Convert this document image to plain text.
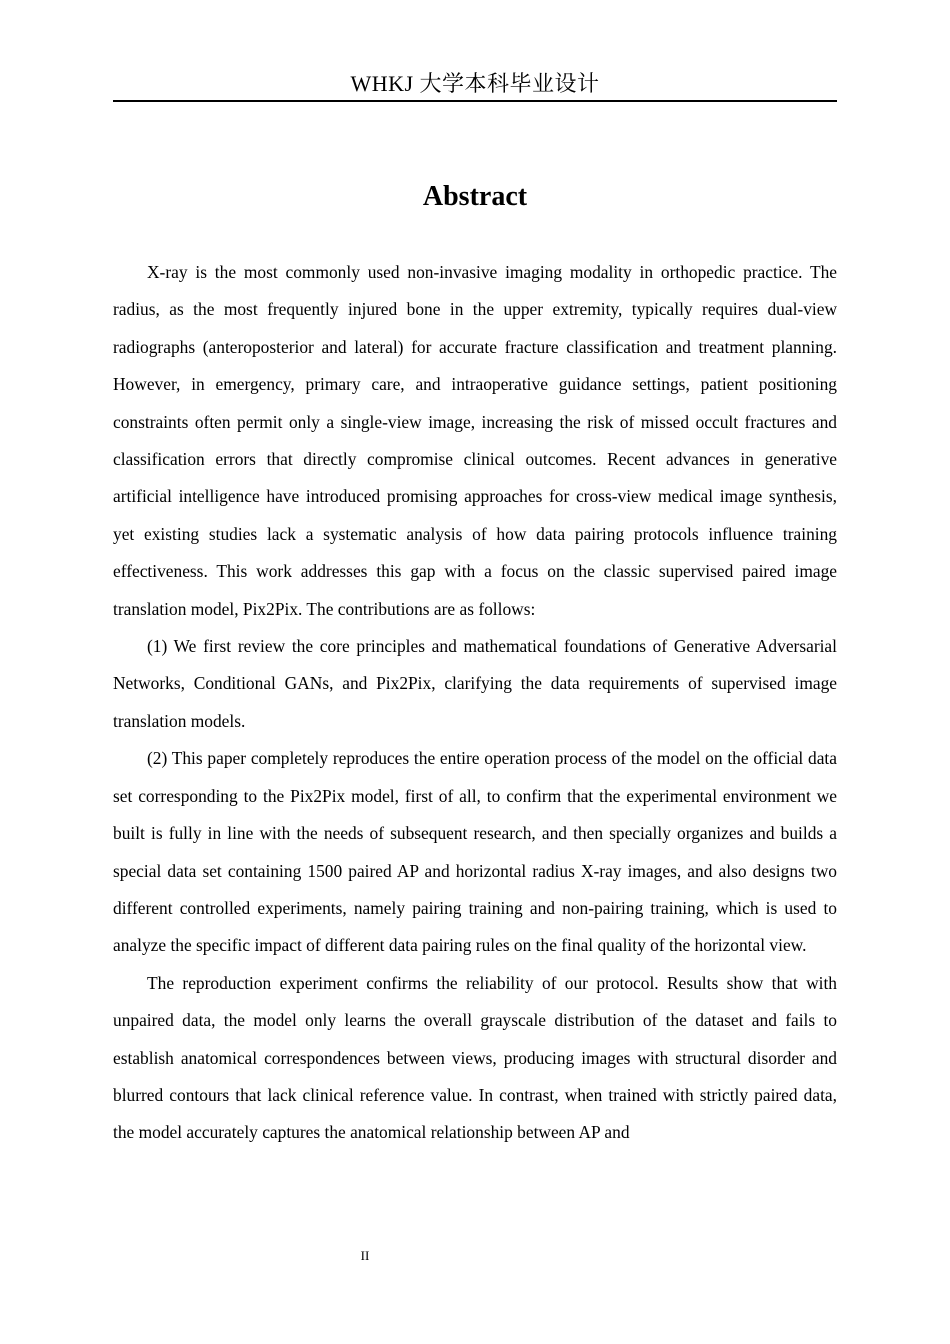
WHKJ 大学本科毕业设计
Abstract

X-ray is the most commonly used non-invasive imaging modality in orthopedic practice. The radius, as the most frequently injured bone in the upper extremity, typically requires dual-view radiographs (anteroposterior and lateral) for accurate fracture classification and treatment planning. However, in emergency, primary care, and intraoperative guidance settings, patient positioning constraints often permit only a single-view image, increasing the risk of missed occult fractures and classification errors that directly compromise clinical outcomes. Recent advances in generative artificial intelligence have introduced promising approaches for cross-view medical image synthesis, yet existing studies lack a systematic analysis of how data pairing protocols influence training effectiveness. This work addresses this gap with a focus on the classic supervised paired image translation model, Pix2Pix. The contributions are as follows:

(1) We first review the core principles and mathematical foundations of Generative Adversarial Networks, Conditional GANs, and Pix2Pix, clarifying the data requirements of supervised image translation models.

(2) This paper completely reproduces the entire operation process of the model on the official data set corresponding to the Pix2Pix model, first of all, to confirm that the experimental environment we built is fully in line with the needs of subsequent research, and then specially organizes and builds a special data set containing 1500 paired AP and horizontal radius X-ray images, and also designs two different controlled experiments, namely pairing training and non-pairing training, which is used to analyze the specific impact of different data pairing rules on the final quality of the horizontal view.

The reproduction experiment confirms the reliability of our protocol. Results show that with unpaired data, the model only learns the overall grayscale distribution of the dataset and fails to establish anatomical correspondences between views, producing images with structural disorder and blurred contours that lack clinical reference value. In contrast, when trained with strictly paired data, the model accurately captures the anatomical relationship between AP and

II
